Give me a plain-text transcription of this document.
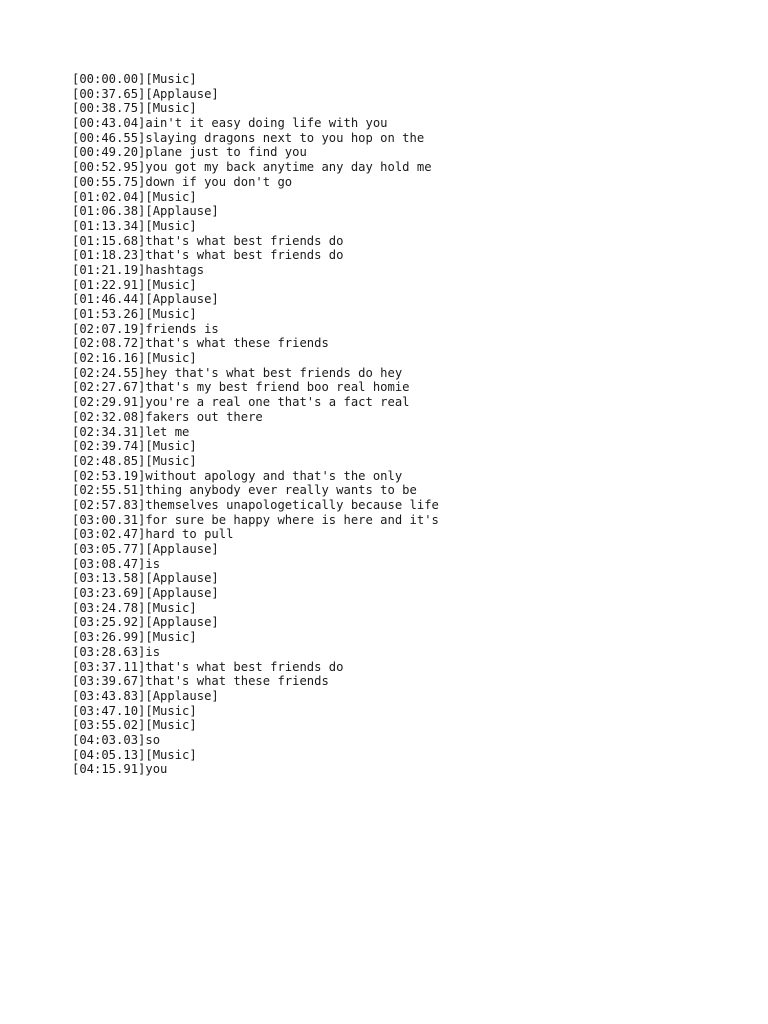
[00:00.00][Music]
[00:37.65][Applause]
[00:38.75][Music]
[00:43.04]ain't it easy doing life with you
[00:46.55]slaying dragons next to you hop on the
[00:49.20]plane just to find you
[00:52.95]you got my back anytime any day hold me
[00:55.75]down if you don't go
[01:02.04][Music]
[01:06.38][Applause]
[01:13.34][Music]
[01:15.68]that's what best friends do
[01:18.23]that's what best friends do
[01:21.19]hashtags
[01:22.91][Music]
[01:46.44][Applause]
[01:53.26][Music]
[02:07.19]friends is
[02:08.72]that's what these friends
[02:16.16][Music]
[02:24.55]hey that's what best friends do hey
[02:27.67]that's my best friend boo real homie
[02:29.91]you're a real one that's a fact real
[02:32.08]fakers out there
[02:34.31]let me
[02:39.74][Music]
[02:48.85][Music]
[02:53.19]without apology and that's the only
[02:55.51]thing anybody ever really wants to be
[02:57.83]themselves unapologetically because life
[03:00.31]for sure be happy where is here and it's
[03:02.47]hard to pull
[03:05.77][Applause]
[03:08.47]is
[03:13.58][Applause]
[03:23.69][Applause]
[03:24.78][Music]
[03:25.92][Applause]
[03:26.99][Music]
[03:28.63]is
[03:37.11]that's what best friends do
[03:39.67]that's what these friends
[03:43.83][Applause]
[03:47.10][Music]
[03:55.02][Music]
[04:03.03]so
[04:05.13][Music]
[04:15.91]you
